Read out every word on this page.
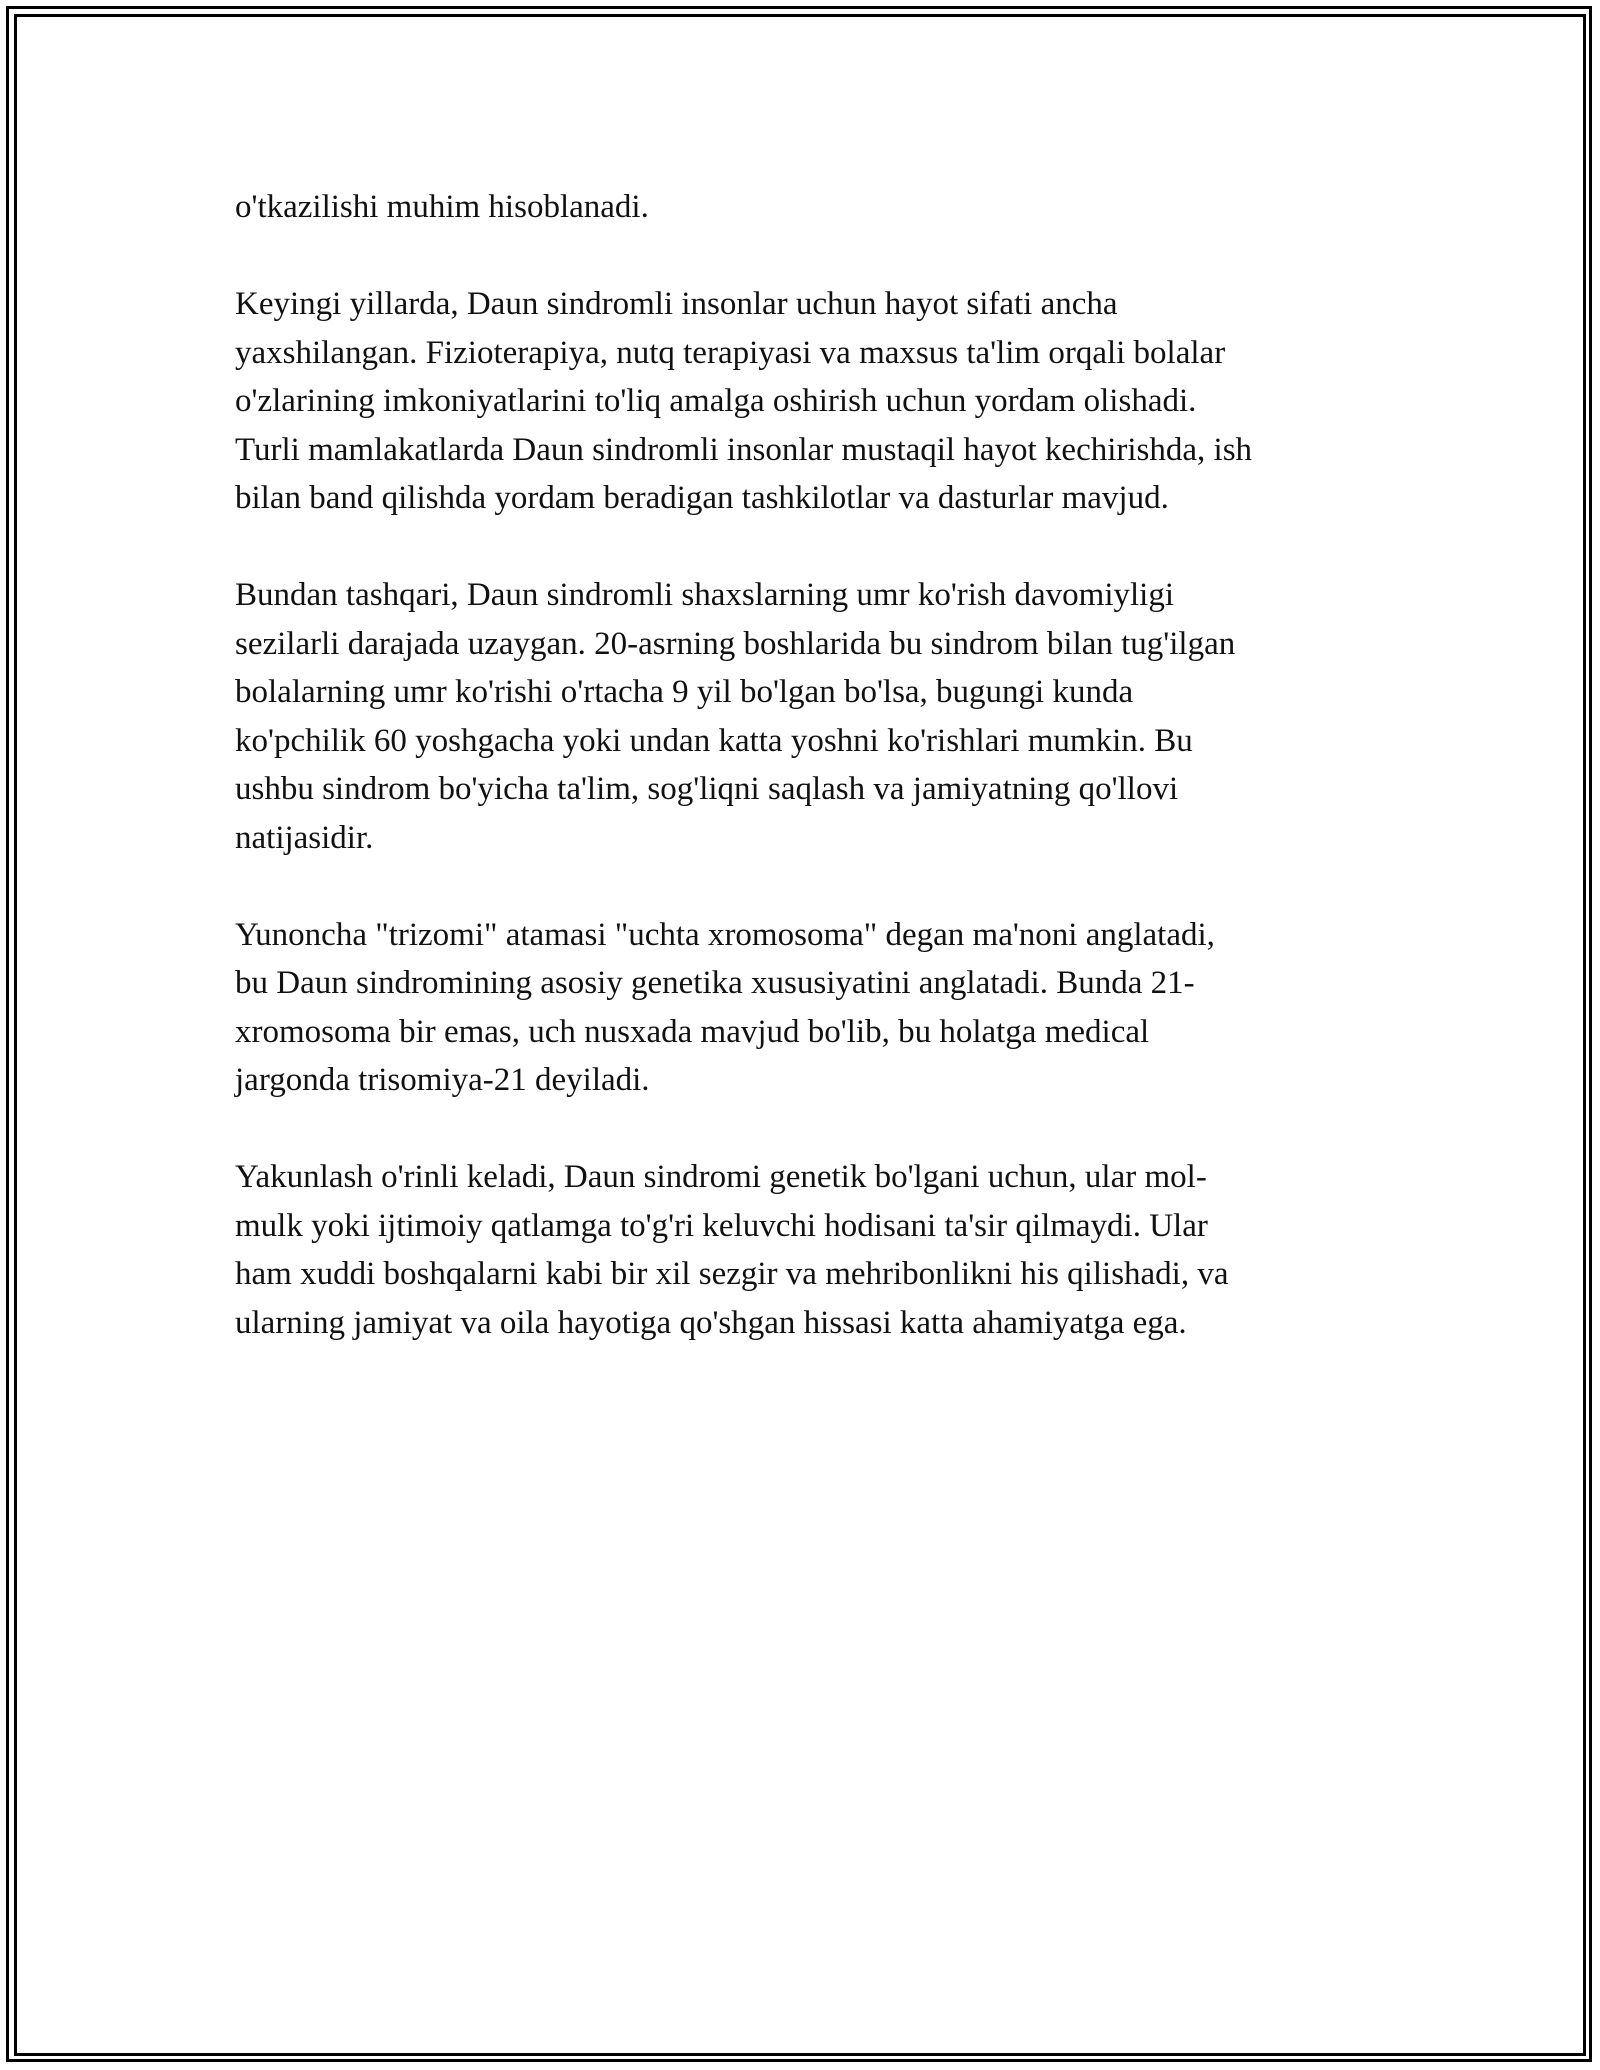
o'tkazilishi muhim hisoblanadi.

Keyingi yillarda, Daun sindromli insonlar uchun hayot sifati ancha
yaxshilangan. Fizioterapiya, nutq terapiyasi va maxsus ta'lim orqali bolalar
o'zlarining imkoniyatlarini to'liq amalga oshirish uchun yordam olishadi.
Turli mamlakatlarda Daun sindromli insonlar mustaqil hayot kechirishda, ish
bilan band qilishda yordam beradigan tashkilotlar va dasturlar mavjud.

Bundan tashqari, Daun sindromli shaxslarning umr ko'rish davomiyligi
sezilarli darajada uzaygan. 20-asrning boshlarida bu sindrom bilan tug'ilgan
bolalarning umr ko'rishi o'rtacha 9 yil bo'lgan bo'lsa, bugungi kunda
ko'pchilik 60 yoshgacha yoki undan katta yoshni ko'rishlari mumkin. Bu
ushbu sindrom bo'yicha ta'lim, sog'liqni saqlash va jamiyatning qo'llovi
natijasidir.

Yunoncha "trizomi" atamasi "uchta xromosoma" degan ma'noni anglatadi,
bu Daun sindromining asosiy genetika xususiyatini anglatadi. Bunda 21-
xromosoma bir emas, uch nusxada mavjud bo'lib, bu holatga medical
jargonda trisomiya-21 deyiladi.

Yakunlash o'rinli keladi, Daun sindromi genetik bo'lgani uchun, ular mol-
mulk yoki ijtimoiy qatlamga to'g'ri keluvchi hodisani ta'sir qilmaydi. Ular
ham xuddi boshqalarni kabi bir xil sezgir va mehribonlikni his qilishadi, va
ularning jamiyat va oila hayotiga qo'shgan hissasi katta ahamiyatga ega.
